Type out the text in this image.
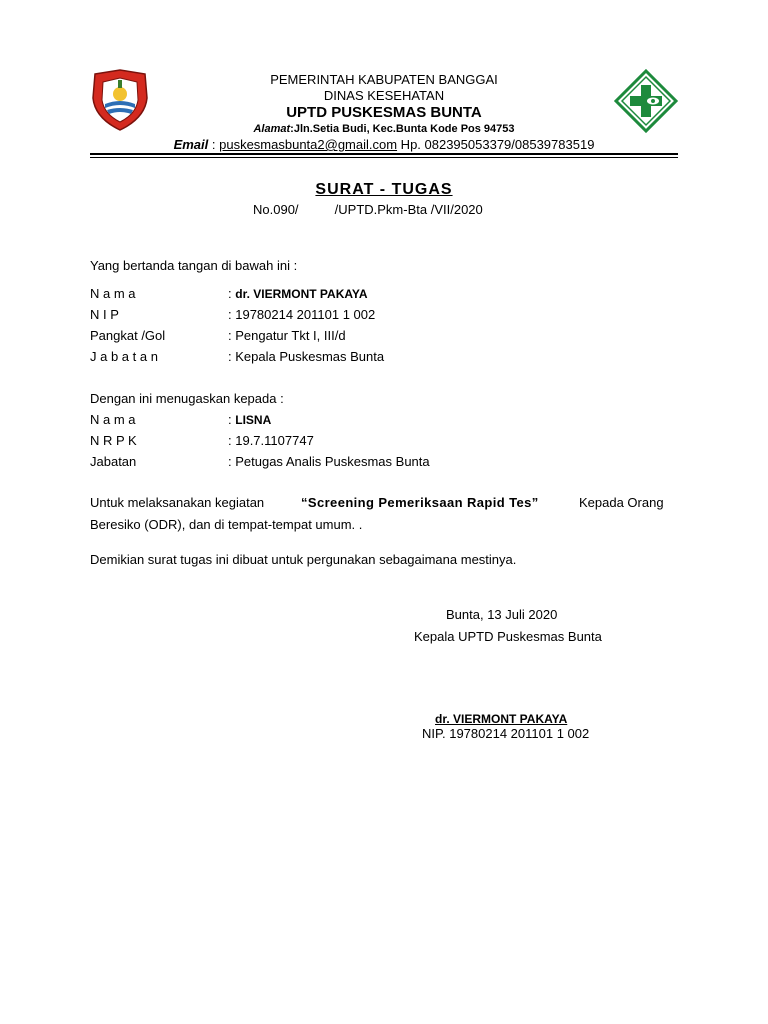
PEMERINTAH KABUPATEN BANGGAI
DINAS KESEHATAN
UPTD PUSKESMAS BUNTA
Alamat:Jln.Setia Budi, Kec.Bunta Kode Pos 94753
Email : puskesmasbunta2@gmail.com Hp. 082395053379/08539783519
SURAT - TUGAS
No.090/          /UPTD.Pkm-Bta /VII/2020
Yang bertanda tangan di bawah ini :
N a m a	: dr. VIERMONT PAKAYA
N I P	: 19780214 201101 1 002
Pangkat /Gol	: Pengatur Tkt I, III/d
J a b a t a n	: Kepala Puskesmas Bunta
Dengan ini menugaskan kepada :
N a m a	: LISNA
N R P K	: 19.7.1107747
Jabatan	: Petugas Analis Puskesmas Bunta
Untuk melaksanakan kegiatan	“Screening Pemeriksaan Rapid Tes”	Kepada Orang
Beresiko (ODR), dan di tempat-tempat umum. .
Demikian surat tugas ini dibuat untuk pergunakan sebagaimana mestinya.
Bunta, 13 Juli 2020
Kepala UPTD Puskesmas Bunta
dr. VIERMONT PAKAYA
NIP. 19780214 201101 1 002
